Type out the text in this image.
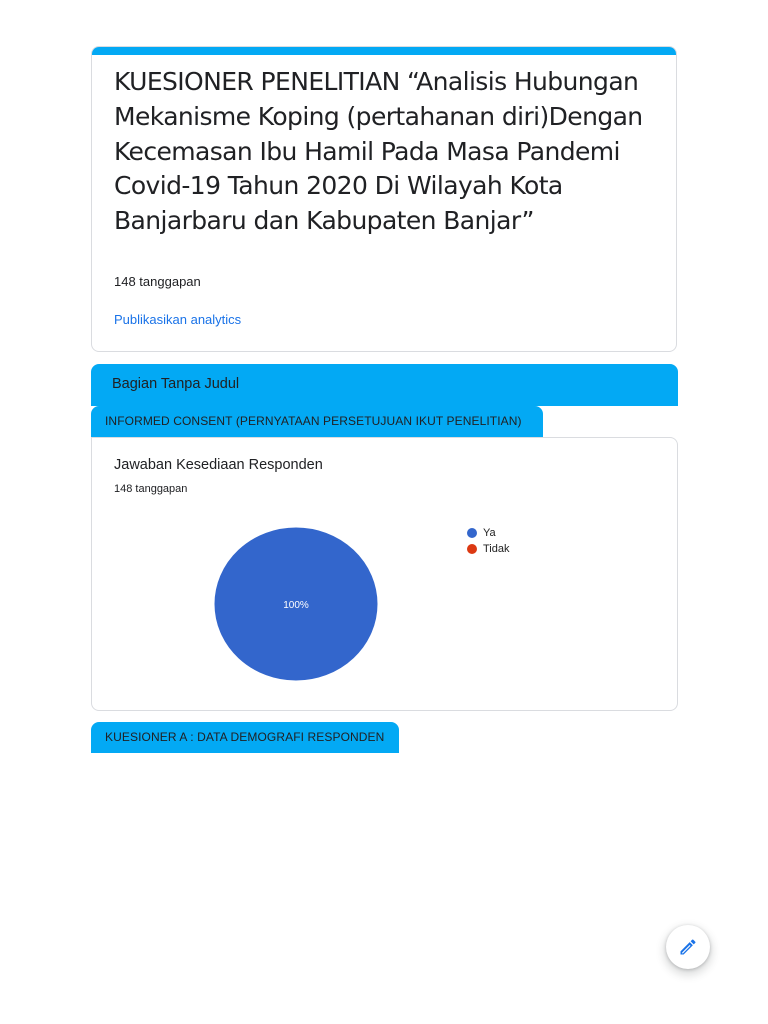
KUESIONER PENELITIAN “Analisis Hubungan Mekanisme Koping (pertahanan diri)Dengan Kecemasan Ibu Hamil Pada Masa Pandemi Covid-19 Tahun 2020 Di Wilayah Kota Banjarbaru dan Kabupaten Banjar”
148 tanggapan
Publikasikan analytics
Bagian Tanpa Judul
INFORMED CONSENT (PERNYATAAN PERSETUJUAN IKUT PENELITIAN)
Jawaban Kesediaan Responden
148 tanggapan
100%
Ya
Tidak
KUESIONER A : DATA DEMOGRAFI RESPONDEN
